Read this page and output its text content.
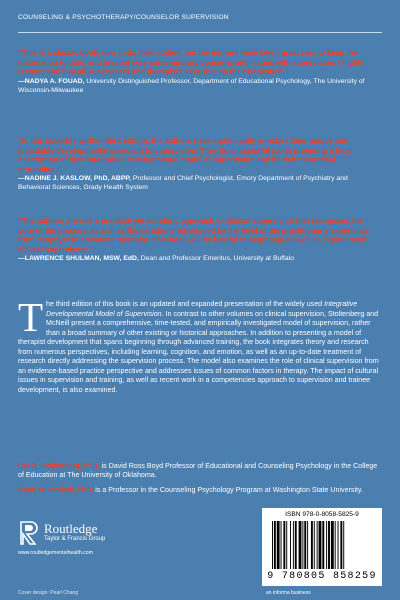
COUNSELING & PSYCHOTHERAPY/COUNSELOR SUPERVISION
“This is a classic book, now in its third edition, but the authors have taken great care to keep the material up to date, and present very contemporary concerns and issues with supervision. I highly recommend that all supervisors and therapists have this on their bookshelf.”
—NADYA A. FOUAD, University Distinguished Professor, Department of Educational Psychology, The University of Wisconsin-Milwaukee
“In this superbly written third edition, the authors have significantly enriched their unique and invaluable developmental approach to supervision. They do a masterful job in providing a lucid description of their integrative developmental model of supervision and its rich theoretical grounding.”
—NADINE J. KASLOW, PhD, ABPP, Professor and Chief Psychologist, Emory Department of Psychiatry and Behavioral Sciences, Grady Health System
“The authors provide a practical yet scholarly approach to clinical supervision that recognizes the core of the process, as well as the variations introduced by the level of the practitioner’s experience from neophyte to advanced therapist. This book will be helpful to beginning as well as experienced clinical supervisors.”
—LAWRENCE SHULMAN, MSW, EdD, Dean and Professor Emeritus, University at Buffalo
The third edition of this book is an updated and expanded presentation of the widely used Integrative Developmental Model of Supervision. In contrast to other volumes on clinical supervision, Stoltenberg and McNeill present a comprehensive, time-tested, and empirically investigated model of supervision, rather than a broad summary of other existing or historical approaches. In addition to presenting a model of therapist development that spans beginning through advanced training, the book integrates theory and research from numerous perspectives, including learning, cognition, and emotion, as well as an up-to-date treatment of research directly addressing the supervision process. The model also examines the role of clinical supervision from an evidence-based practice perspective and addresses issues of common factors in therapy. The impact of cultural issues in supervision and training, as well as recent work in a competencies approach to supervision and trainee development, is also examined.
Cal D. Stoltenberg, PhD, is David Ross Boyd Professor of Educational and Counseling Psychology in the College of Education at The University of Oklahoma.
Brian W. McNeill, PhD, is a Professor in the Counseling Psychology Program at Washington State University.
Routledge
Taylor & Francis Group
www.routledgementalhealth.com
Cover design: Pearl Chang	an informa business
ISBN 978-0-8058-5825-9
9 780805 858259
